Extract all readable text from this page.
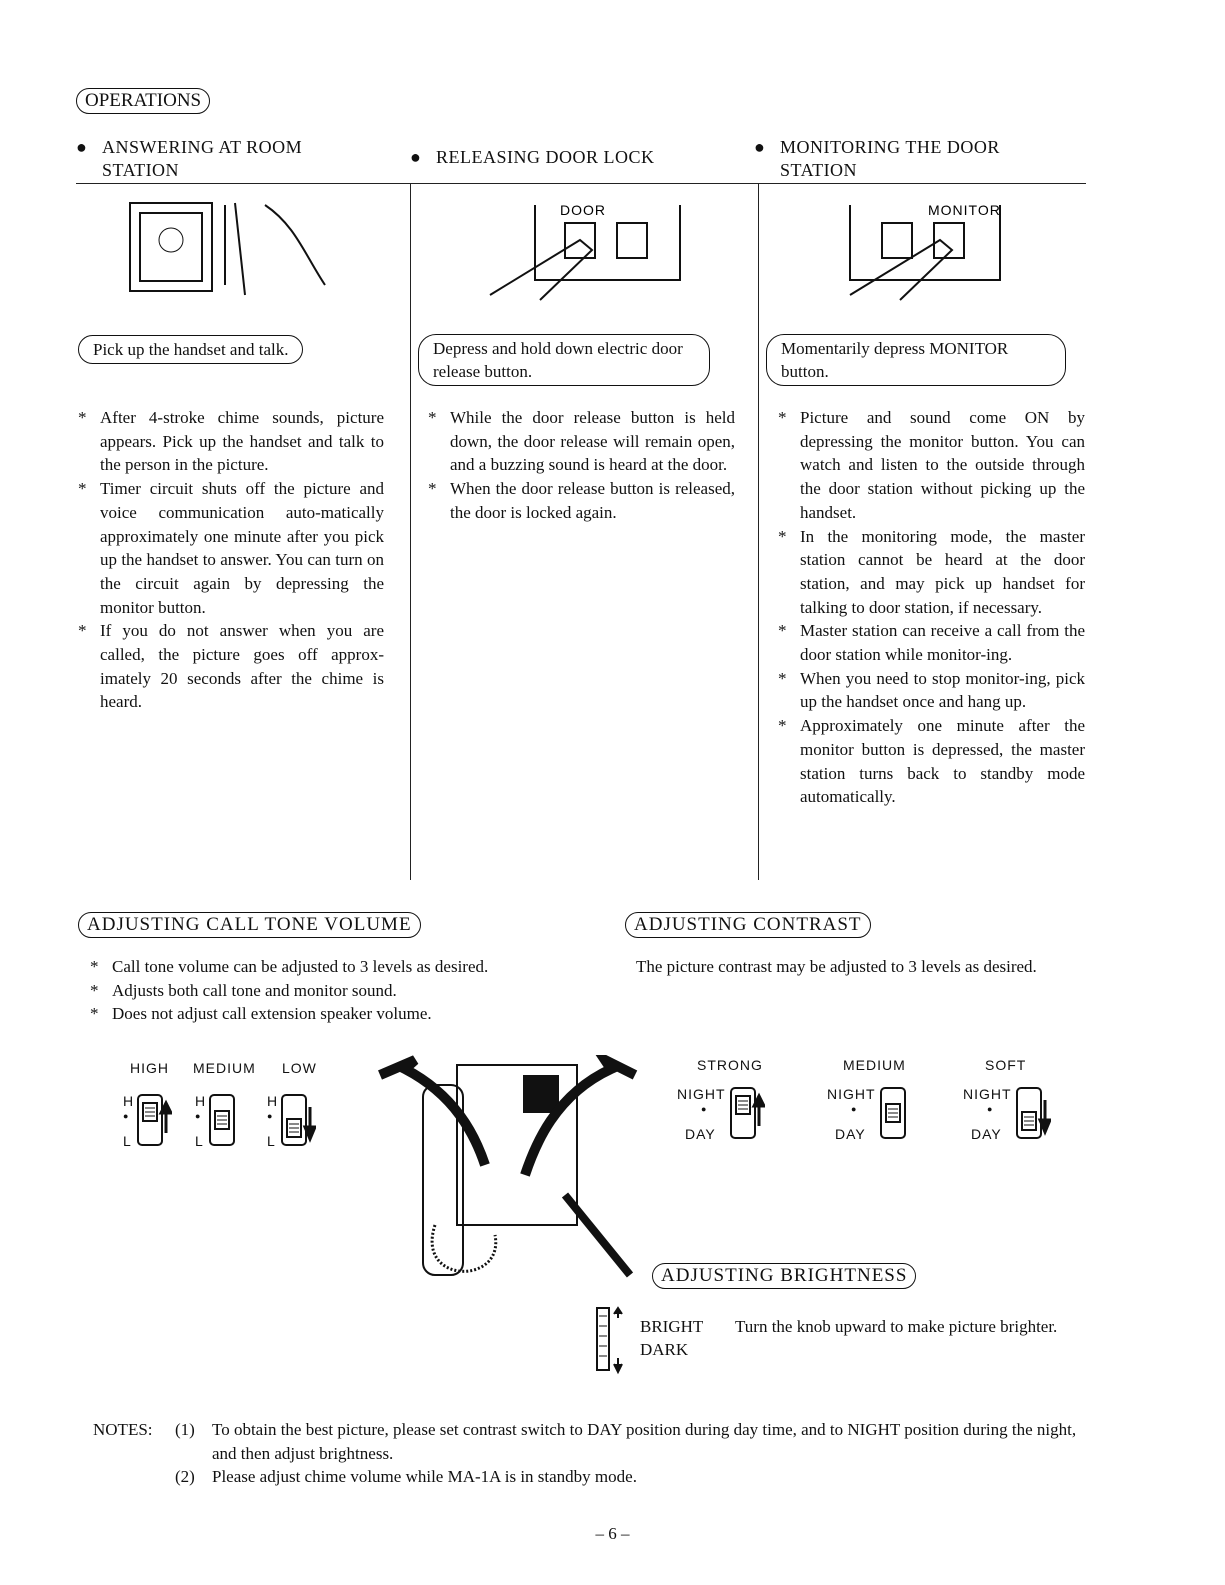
OPERATIONS
● ANSWERING AT ROOM STATION
● RELEASING DOOR LOCK	● MONITORING THE DOOR STATION
DOOR	MONITOR
Pick up the handset and talk.	Depress and hold down electric door release button.
Momentarily depress MONITOR button.
* After 4-stroke chime sounds, picture appears. Pick up the handset and talk to the person in the picture.
* Timer circuit shuts off the picture and voice communication auto-matically approximately one minute after you pick up the handset to answer. You can turn on the circuit again by depressing the monitor button.
* If you do not answer when you are called, the picture goes off approx-imately 20 seconds after the chime is heard.
* While the door release button is held down, the door release will remain open, and a buzzing sound is heard at the door.
* When the door release button is released, the door is locked again.
* Picture and sound come ON by depressing the monitor button. You can watch and listen to the outside through the door station without picking up the handset.
* In the monitoring mode, the master station cannot be heard at the door station, and may pick up handset for talking to door station, if necessary.
* Master station can receive a call from the door station while monitor-ing.
* When you need to stop monitor-ing, pick up the handset once and hang up.
* Approximately one minute after the monitor button is depressed, the master station turns back to standby mode automatically.
ADJUSTING CALL TONE VOLUME
* Call tone volume can be adjusted to 3 levels as desired.
* Adjusts both call tone and monitor sound.
* Does not adjust call extension speaker volume.
HIGH MEDIUM LOW
H
●
L
H
●
L
H
●
L
ADJUSTING CONTRAST
The picture contrast may be adjusted to 3 levels as desired.
STRONG	MEDIUM	SOFT
NIGHT
●
DAY
NIGHT
●
DAY
NIGHT
●
DAY
ADJUSTING BRIGHTNESS
BRIGHT
DARK
Turn the knob upward to make picture brighter.
NOTES: (1) To obtain the best picture, please set contrast switch to DAY position during day time, and to NIGHT position during the night, and then adjust brightness.
(2) Please adjust chime volume while MA-1A is in standby mode.
– 6 –
